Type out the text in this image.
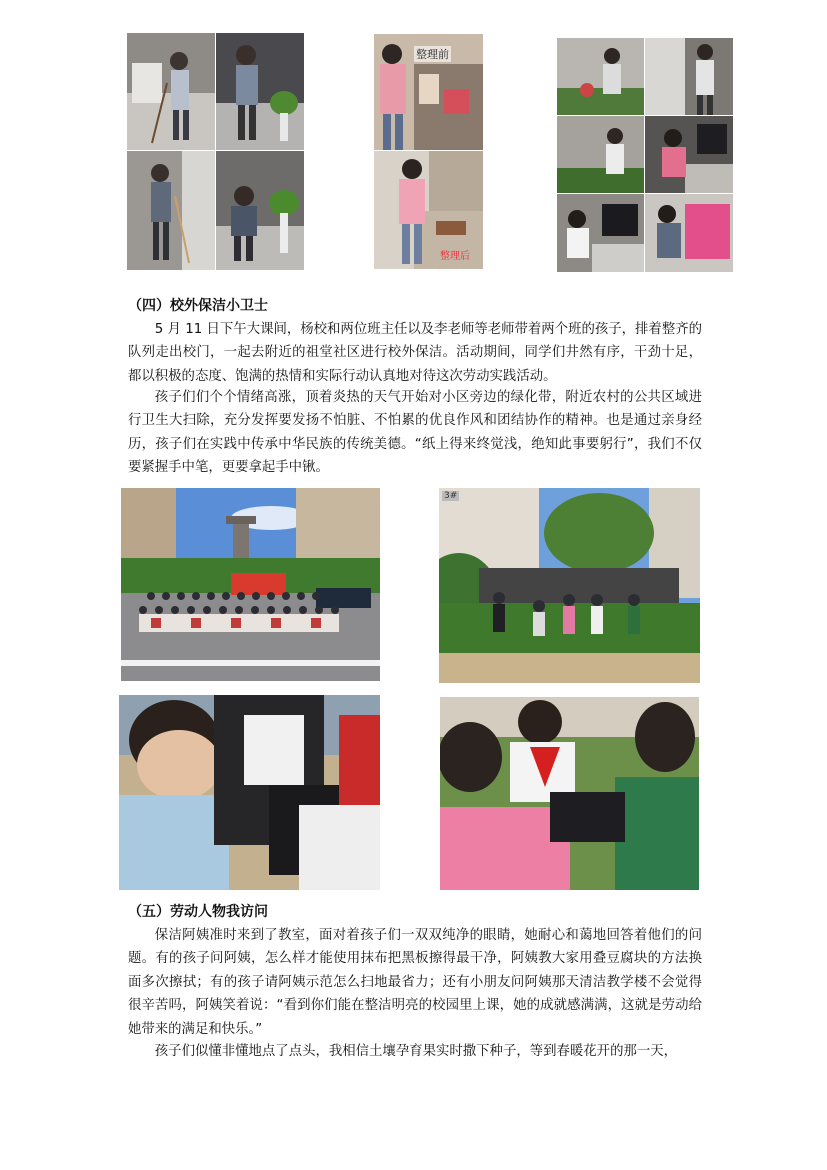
整理前
整理后
（四）校外保洁小卫士

5 月 11 日下午大课间，杨校和两位班主任以及李老师等老师带着两个班的孩子，排着整齐的队列走出校门，一起去附近的祖堂社区进行校外保洁。活动期间，同学们井然有序，干劲十足，都以积极的态度、饱满的热情和实际行动认真地对待这次劳动实践活动。

孩子们们个个情绪高涨，顶着炎热的天气开始对小区旁边的绿化带，附近农村的公共区域进行卫生大扫除，充分发挥要发扬不怕脏、不怕累的优良作风和团结协作的精神。也是通过亲身经历，孩子们在实践中传承中华民族的传统美德。“纸上得来终觉浅，绝知此事要躬行”，我们不仅要紧握手中笔，更要拿起手中锹。

3#
（五）劳动人物我访问

保洁阿姨准时来到了教室，面对着孩子们一双双纯净的眼睛，她耐心和蔼地回答着他们的问题。有的孩子问阿姨，怎么样才能使用抹布把黑板擦得最干净，阿姨教大家用叠豆腐块的方法换面多次擦拭；有的孩子请阿姨示范怎么扫地最省力；还有小朋友问阿姨那天清洁教学楼不会觉得很辛苦吗，阿姨笑着说：“看到你们能在整洁明亮的校园里上课，她的成就感满满，这就是劳动给她带来的满足和快乐。”

孩子们似懂非懂地点了点头，我相信土壤孕育果实时撒下种子，等到春暖花开的那一天，
